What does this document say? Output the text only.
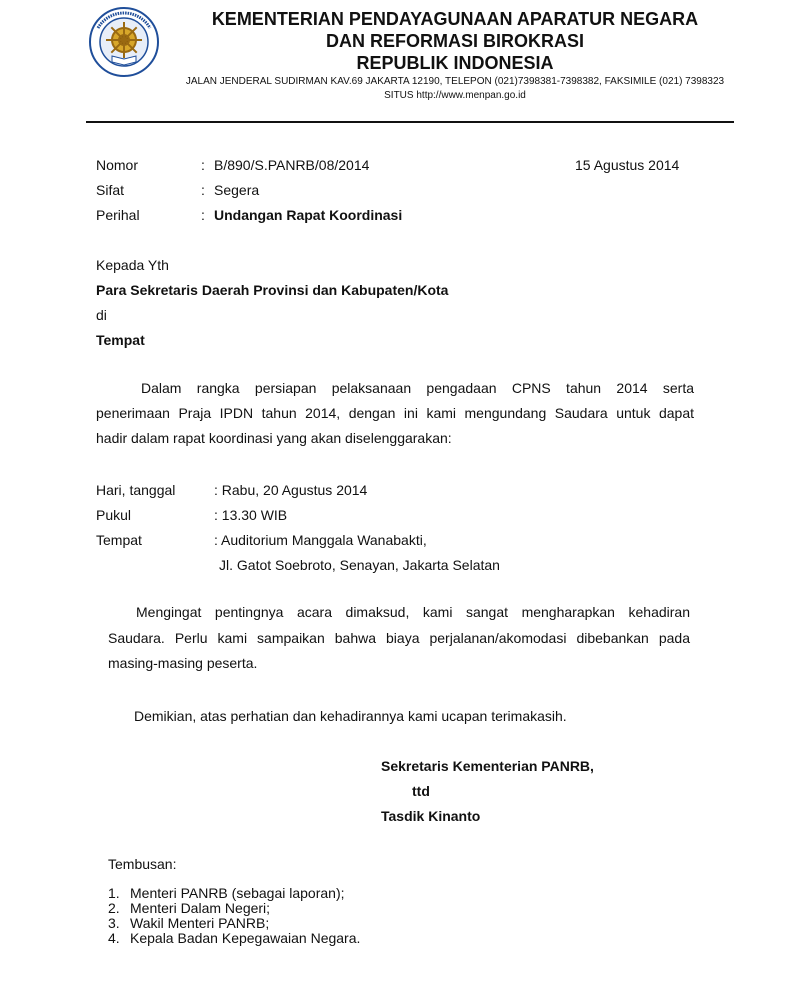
KEMENTERIAN PENDAYAGUNAAN APARATUR NEGARA
DAN REFORMASI BIROKRASI
REPUBLIK INDONESIA
JALAN JENDERAL SUDIRMAN KAV.69 JAKARTA 12190, TELEPON (021)7398381-7398382, FAKSIMILE (021) 7398323
SITUS http://www.menpan.go.id
Nomor	: B/890/S.PANRB/08/2014	15 Agustus 2014
Sifat	: Segera
Perihal	: Undangan Rapat Koordinasi
Kepada Yth
Para Sekretaris Daerah Provinsi dan Kabupaten/Kota
di
Tempat
Dalam rangka persiapan pelaksanaan pengadaan CPNS tahun 2014 serta
penerimaan Praja IPDN tahun 2014, dengan ini kami mengundang Saudara untuk dapat
hadir dalam rapat koordinasi yang akan diselenggarakan:
Hari, tanggal	: Rabu, 20 Agustus 2014
Pukul	: 13.30 WIB
Tempat	: Auditorium Manggala Wanabakti,
Jl. Gatot Soebroto, Senayan, Jakarta Selatan
Mengingat pentingnya acara dimaksud, kami sangat mengharapkan kehadiran
Saudara. Perlu kami sampaikan bahwa biaya perjalanan/akomodasi dibebankan pada
masing-masing peserta.
Demikian, atas perhatian dan kehadirannya kami ucapan terimakasih.
Sekretaris Kementerian PANRB,
ttd
Tasdik Kinanto
Tembusan:
1. Menteri PANRB (sebagai laporan);
2. Menteri Dalam Negeri;
3. Wakil Menteri PANRB;
4. Kepala Badan Kepegawaian Negara.
